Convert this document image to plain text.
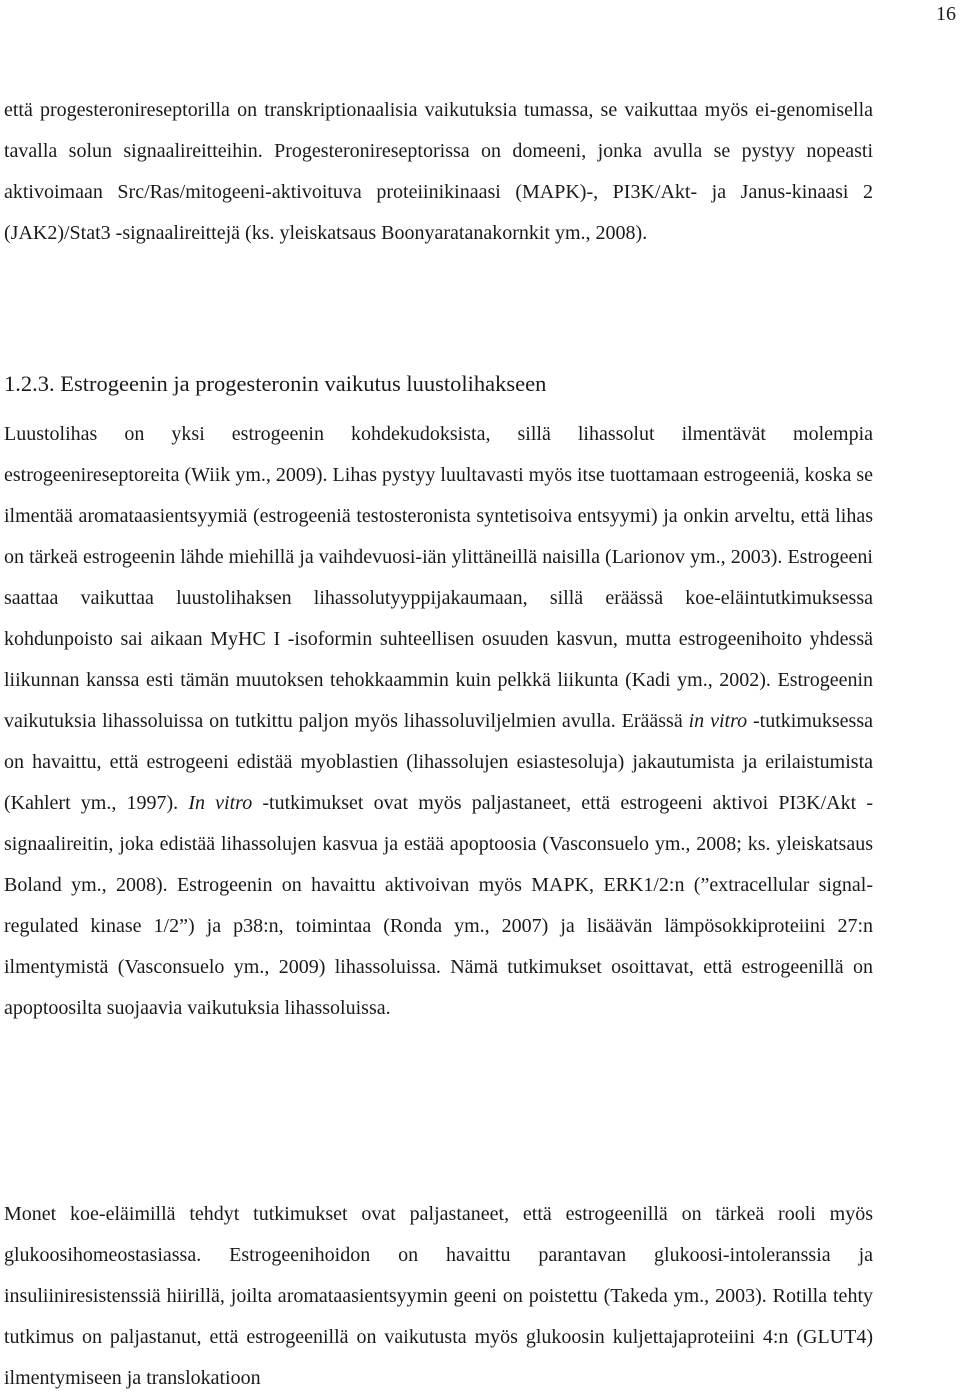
16

että progesteronireseptorilla on transkriptionaalisia vaikutuksia tumassa, se vaikuttaa myös ei-genomisella tavalla solun signaalireitteihin. Progesteronireseptorissa on domeeni, jonka avulla se pystyy nopeasti aktivoimaan Src/Ras/mitogeeni-aktivoituva proteiinikinaasi (MAPK)-, PI3K/Akt- ja Janus-kinaasi 2 (JAK2)/Stat3 -signaalireittejä (ks. yleiskatsaus Boonyaratanakornkit ym., 2008).

1.2.3. Estrogeenin ja progesteronin vaikutus luustolihakseen

Luustolihas on yksi estrogeenin kohdekudoksista, sillä lihassolut ilmentävät molempia estrogeenireseptoreita (Wiik ym., 2009). Lihas pystyy luultavasti myös itse tuottamaan estrogeeniä, koska se ilmentää aromataasientsyymiä (estrogeeniä testosteronista syntetisoiva entsyymi) ja onkin arveltu, että lihas on tärkeä estrogeenin lähde miehillä ja vaihdevuosi-iän ylittäneillä naisilla (Larionov ym., 2003). Estrogeeni saattaa vaikuttaa luustolihaksen lihassolutyyppijakaumaan, sillä eräässä koe-eläintutkimuksessa kohdunpoisto sai aikaan MyHC I -isoformin suhteellisen osuuden kasvun, mutta estrogeenihoito yhdessä liikunnan kanssa esti tämän muutoksen tehokkaammin kuin pelkkä liikunta (Kadi ym., 2002). Estrogeenin vaikutuksia lihassoluissa on tutkittu paljon myös lihassoluviljelmien avulla. Eräässä in vitro -tutkimuksessa on havaittu, että estrogeeni edistää myoblastien (lihassolujen esiastesoluja) jakautumista ja erilaistumista (Kahlert ym., 1997). In vitro -tutkimukset ovat myös paljastaneet, että estrogeeni aktivoi PI3K/Akt -signaalireitin, joka edistää lihassolujen kasvua ja estää apoptoosia (Vasconsuelo ym., 2008; ks. yleiskatsaus Boland ym., 2008). Estrogeenin on havaittu aktivoivan myös MAPK, ERK1/2:n (”extracellular signal-regulated kinase 1/2”) ja p38:n, toimintaa (Ronda ym., 2007) ja lisäävän lämpösokkiproteiini 27:n ilmentymistä (Vasconsuelo ym., 2009) lihassoluissa. Nämä tutkimukset osoittavat, että estrogeenillä on apoptoosilta suojaavia vaikutuksia lihassoluissa.

Monet koe-eläimillä tehdyt tutkimukset ovat paljastaneet, että estrogeenillä on tärkeä rooli myös glukoosihomeostasiassa. Estrogeenihoidon on havaittu parantavan glukoosi-intoleranssia ja insuliiniresistenssiä hiirillä, joilta aromataasientsyymin geeni on poistettu (Takeda ym., 2003). Rotilla tehty tutkimus on paljastanut, että estrogeenillä on vaikutusta myös glukoosin kuljettajaproteiini 4:n (GLUT4) ilmentymiseen ja translokatioon
